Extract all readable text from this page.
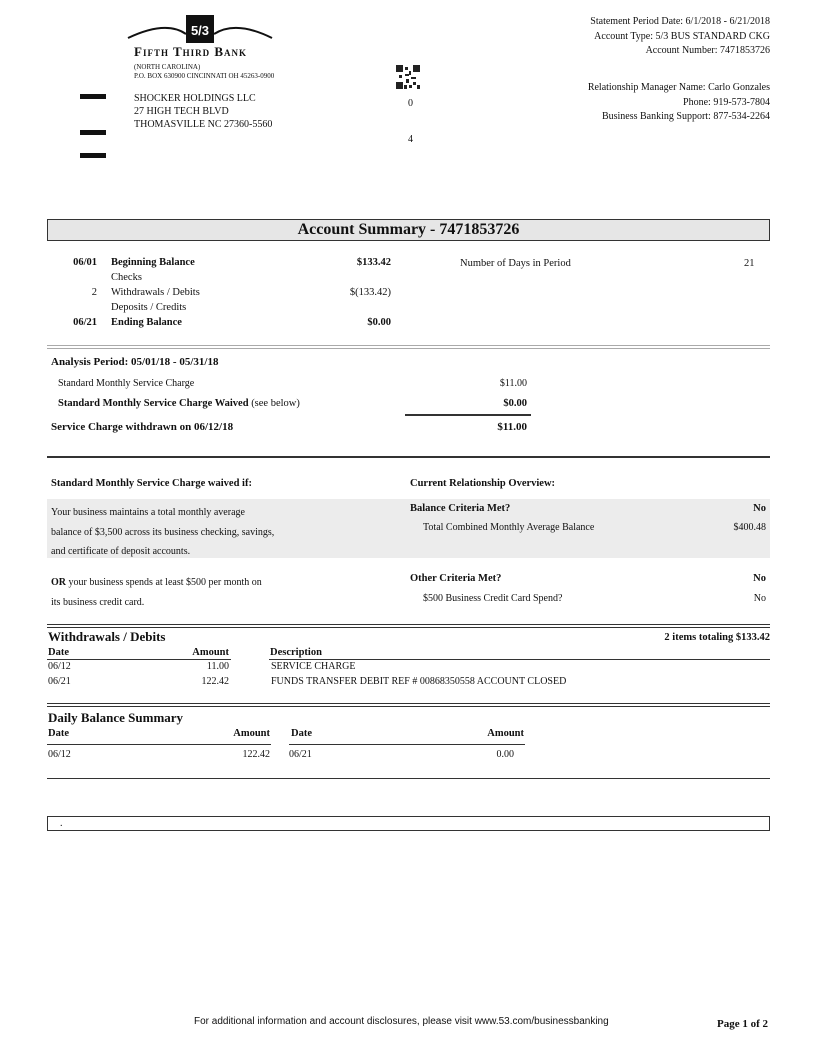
5/3
Fifth Third Bank
(NORTH CAROLINA)
P.O. BOX 630900 CINCINNATI OH 45263-0900
SHOCKER HOLDINGS LLC
27 HIGH TECH BLVD
THOMASVILLE NC 27360-5560
0
4
Statement Period Date: 6/1/2018 - 6/21/2018
Account Type: 5/3 BUS STANDARD CKG
Account Number: 7471853726
Relationship Manager Name: Carlo Gonzales
Phone: 919-573-7804
Business Banking Support: 877-534-2264
Account Summary - 7471853726
06/01 Beginning Balance	$133.42
Checks
2 Withdrawals / Debits	$(133.42)
Deposits / Credits
06/21 Ending Balance	$0.00
Number of Days in Period	21
Analysis Period: 05/01/18 - 05/31/18
Standard Monthly Service Charge	$11.00
Standard Monthly Service Charge Waived (see below)	$0.00
Service Charge withdrawn on 06/12/18	$11.00
Standard Monthly Service Charge waived if:	Current Relationship Overview:
Your business maintains a total monthly average
balance of $3,500 across its business checking, savings,
and certificate of deposit accounts.
Balance Criteria Met?	No
Total Combined Monthly Average Balance	$400.48
OR your business spends at least $500 per month on
its business credit card.
Other Criteria Met?	No
$500 Business Credit Card Spend?	No
Withdrawals / Debits	2 items totaling $133.42
Date	Amount	Description
06/12	11.00	SERVICE CHARGE
06/21	122.42	FUNDS TRANSFER DEBIT REF # 00868350558 ACCOUNT CLOSED
Daily Balance Summary
Date	Amount Date	Amount
06/12	122.42 06/21	0.00
.
For additional information and account disclosures, please visit www.53.com/businessbanking	Page 1 of 2
